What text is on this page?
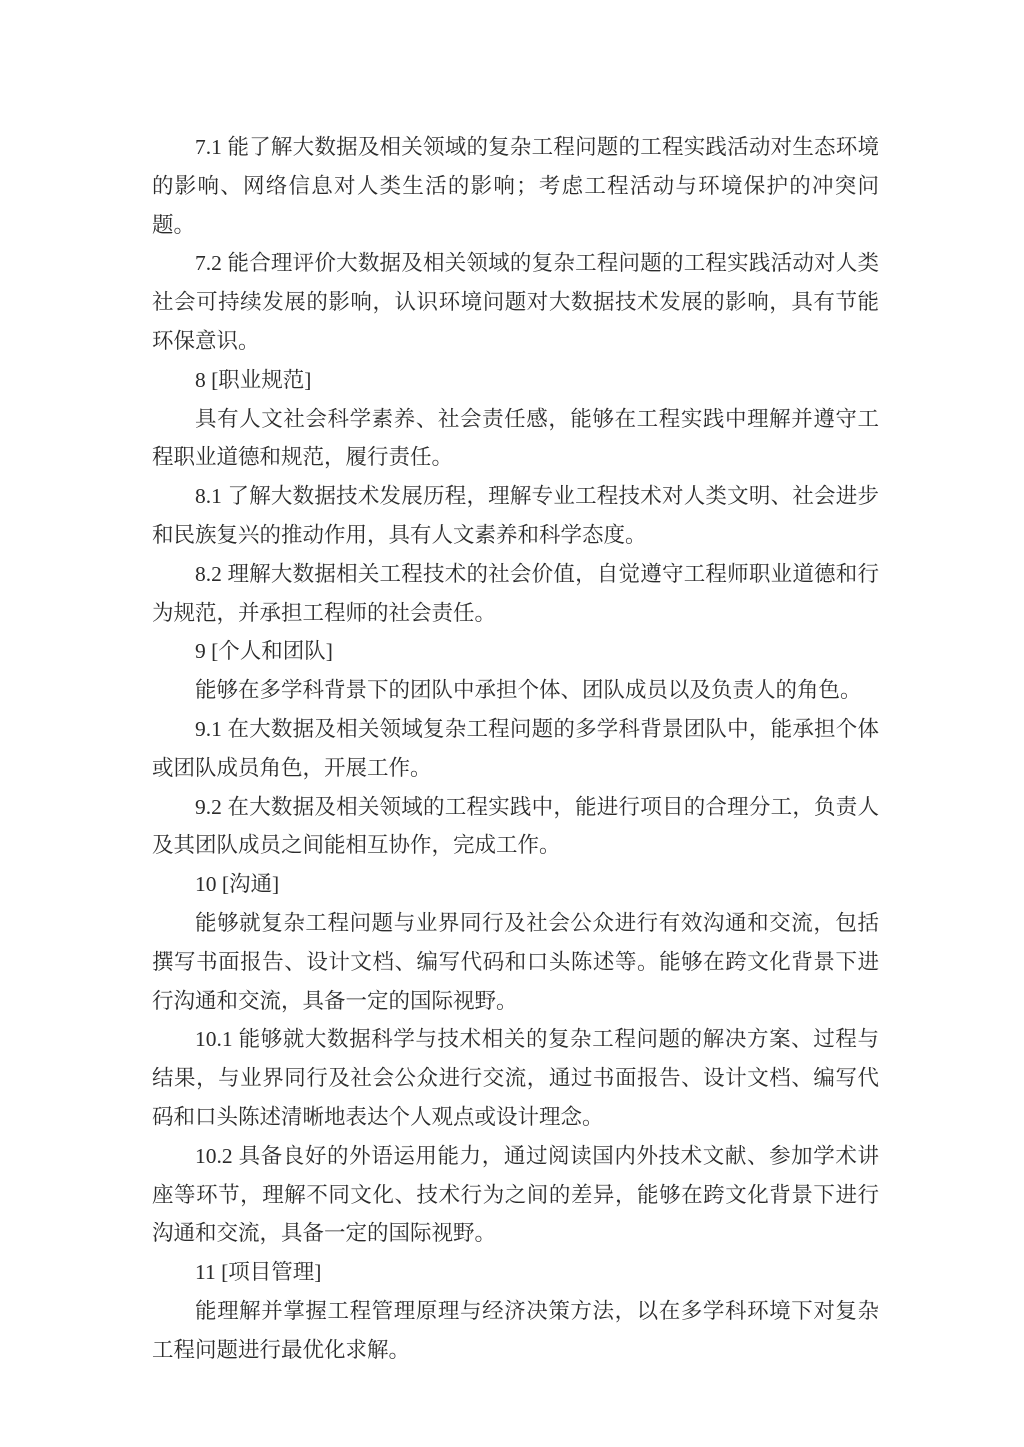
7.1 能了解大数据及相关领域的复杂工程问题的工程实践活动对生态环境的影响、网络信息对人类生活的影响；考虑工程活动与环境保护的冲突问题。

7.2 能合理评价大数据及相关领域的复杂工程问题的工程实践活动对人类社会可持续发展的影响，认识环境问题对大数据技术发展的影响，具有节能环保意识。

8 [职业规范]

具有人文社会科学素养、社会责任感，能够在工程实践中理解并遵守工程职业道德和规范，履行责任。

8.1 了解大数据技术发展历程，理解专业工程技术对人类文明、社会进步和民族复兴的推动作用，具有人文素养和科学态度。

8.2 理解大数据相关工程技术的社会价值，自觉遵守工程师职业道德和行为规范，并承担工程师的社会责任。

9 [个人和团队]

能够在多学科背景下的团队中承担个体、团队成员以及负责人的角色。

9.1 在大数据及相关领域复杂工程问题的多学科背景团队中，能承担个体或团队成员角色，开展工作。

9.2 在大数据及相关领域的工程实践中，能进行项目的合理分工，负责人及其团队成员之间能相互协作，完成工作。

10 [沟通]

能够就复杂工程问题与业界同行及社会公众进行有效沟通和交流，包括撰写书面报告、设计文档、编写代码和口头陈述等。能够在跨文化背景下进行沟通和交流，具备一定的国际视野。

10.1 能够就大数据科学与技术相关的复杂工程问题的解决方案、过程与结果，与业界同行及社会公众进行交流，通过书面报告、设计文档、编写代码和口头陈述清晰地表达个人观点或设计理念。

10.2 具备良好的外语运用能力，通过阅读国内外技术文献、参加学术讲座等环节，理解不同文化、技术行为之间的差异，能够在跨文化背景下进行沟通和交流，具备一定的国际视野。

11 [项目管理]

能理解并掌握工程管理原理与经济决策方法，以在多学科环境下对复杂工程问题进行最优化求解。
